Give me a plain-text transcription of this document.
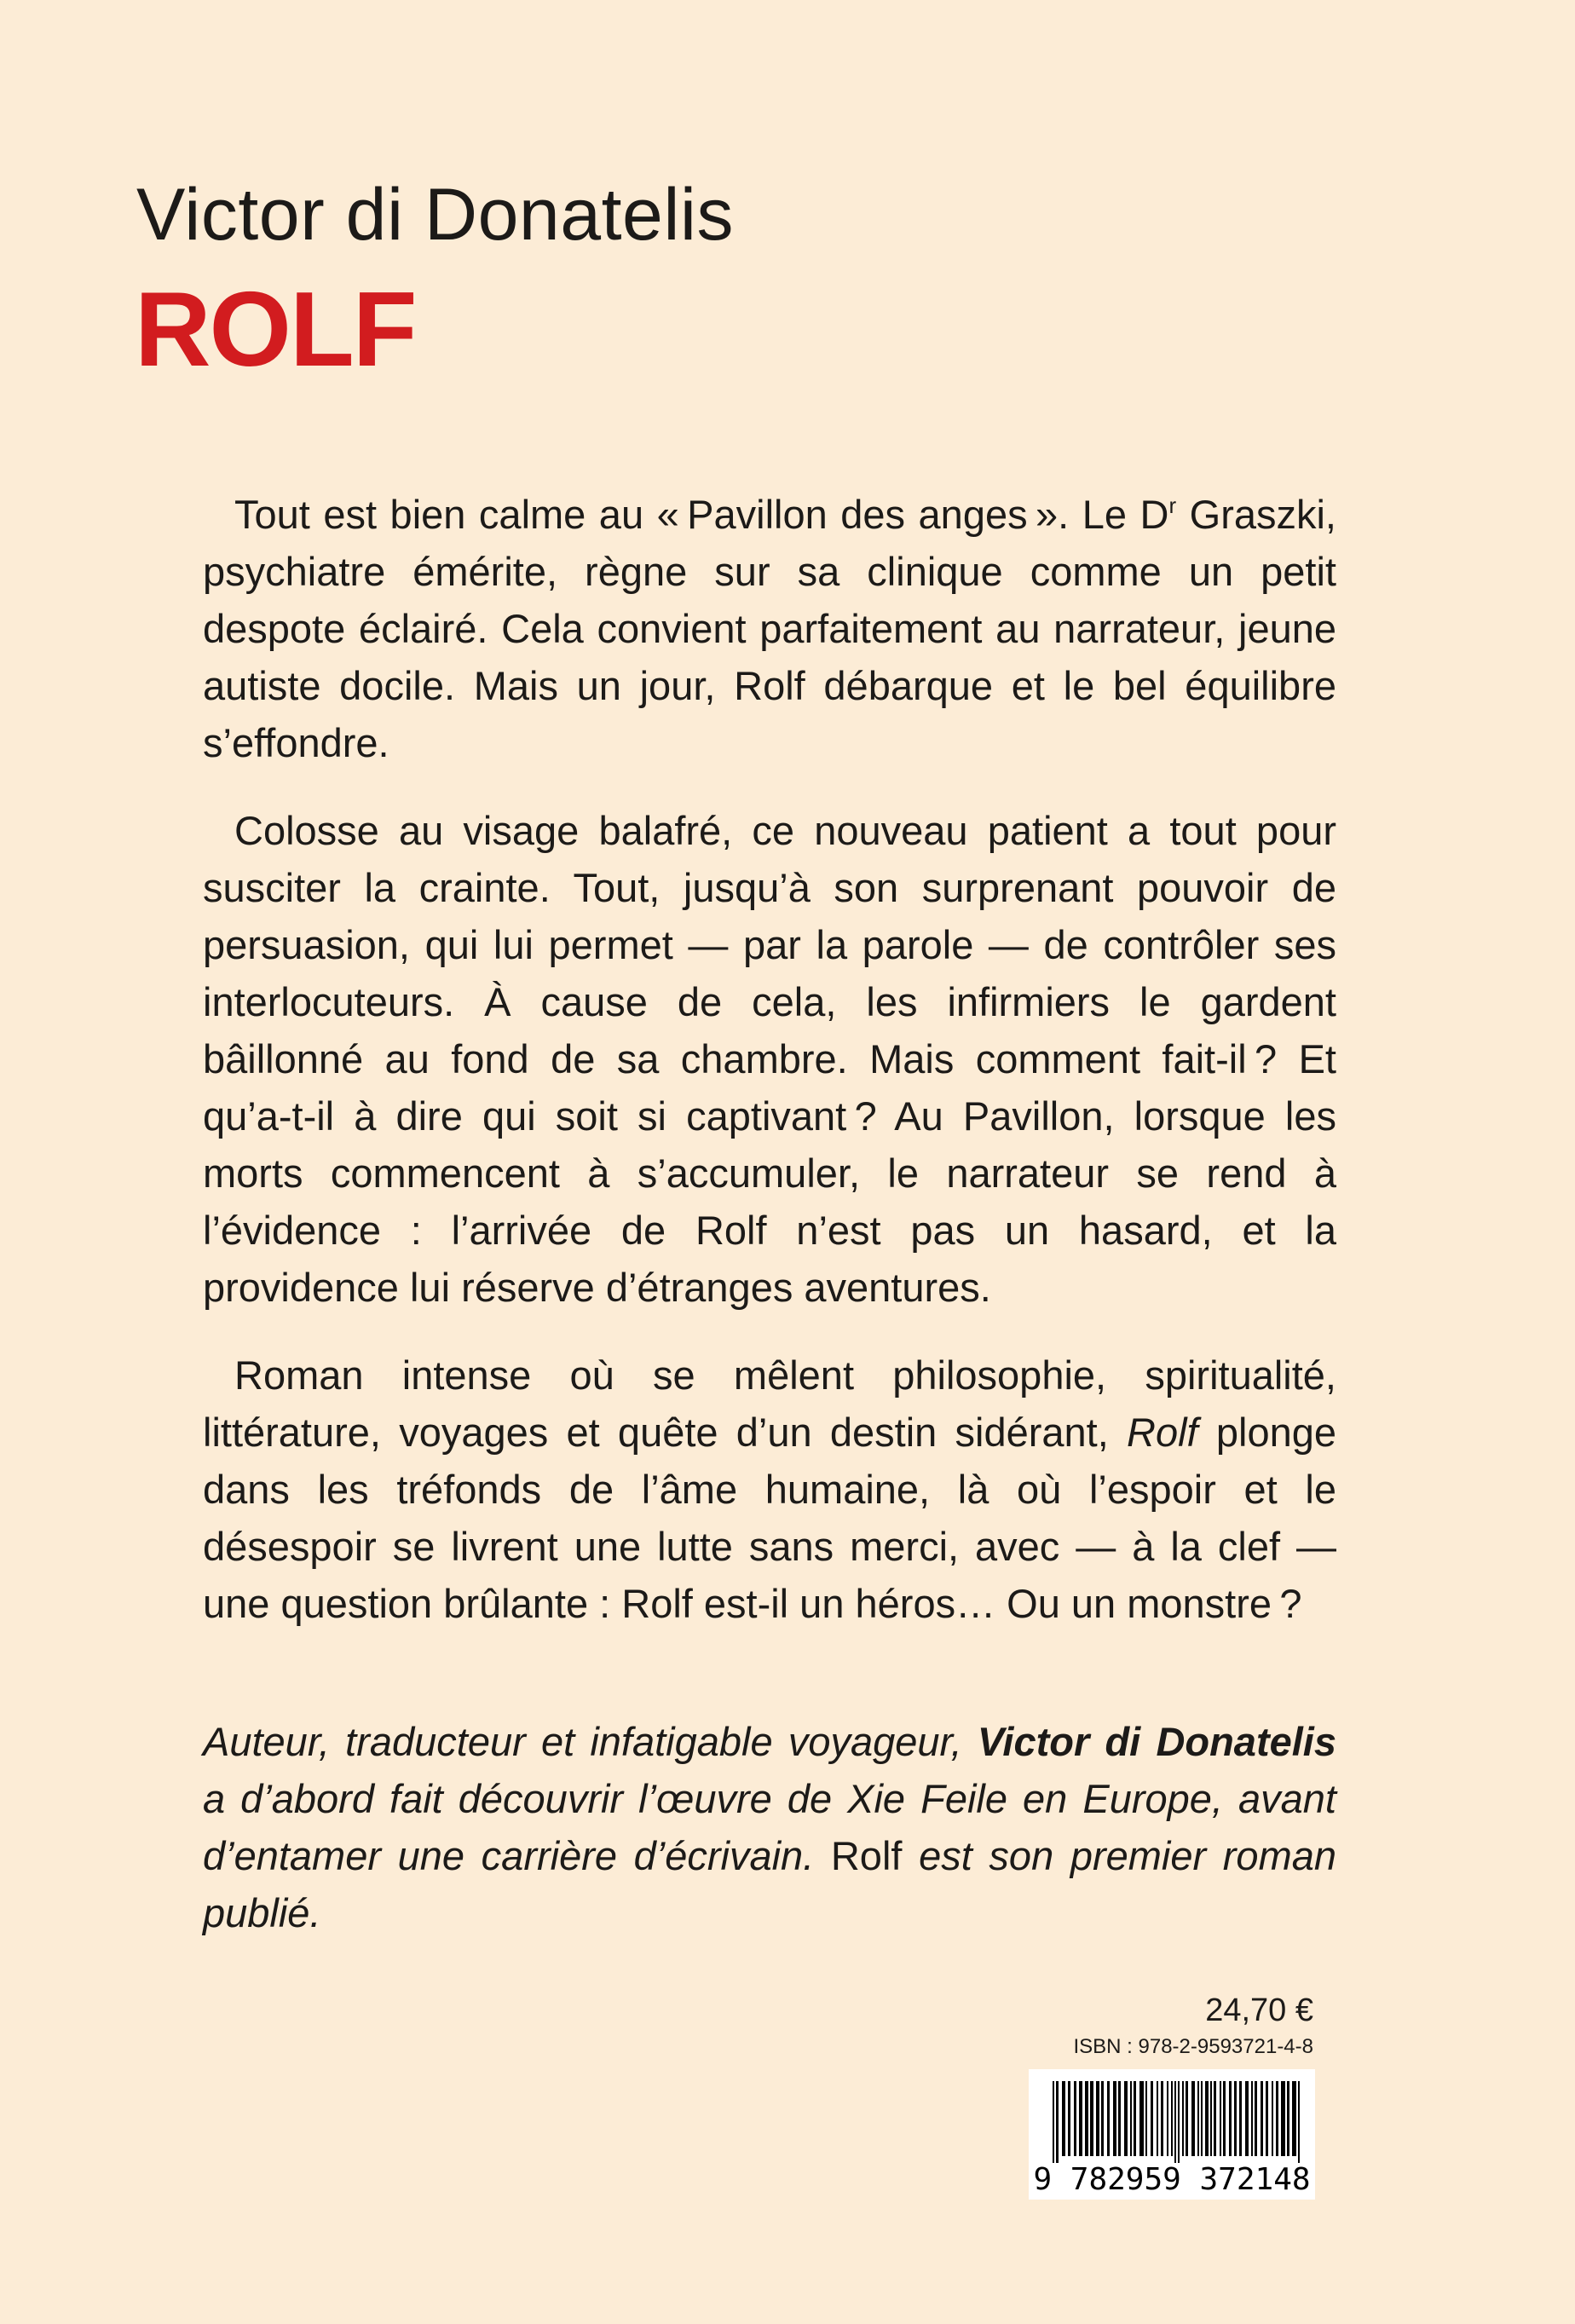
Victor di Donatelis
ROLF

Tout est bien calme au « Pavillon des anges ». Le $D^r$ Graszki, psychiatre émérite, règne sur sa clinique comme un petit despote éclairé. Cela convient parfaitement au narrateur, jeune autiste docile. Mais un jour, Rolf débarque et le bel équilibre s’effondre.

Colosse au visage balafré, ce nouveau patient a tout pour susciter la crainte. Tout, jusqu’à son surprenant pouvoir de persuasion, qui lui permet — par la parole — de contrôler ses interlocuteurs. À cause de cela, les infirmiers le gardent bâillonné au fond de sa chambre. Mais comment fait-il ? Et qu’a-t-il à dire qui soit si captivant ? Au Pavillon, lorsque les morts commencent à s’accumuler, le narrateur se rend à l’évidence : l’arrivée de Rolf n’est pas un hasard, et la providence lui réserve d’étranges aventures.

Roman intense où se mêlent philosophie, spiritualité, littérature, voyages et quête d’un destin sidérant, Rolf plonge dans les tréfonds de l’âme humaine, là où l’espoir et le désespoir se livrent une lutte sans merci, avec — à la clef — une question brûlante : Rolf est-il un héros… Ou un monstre ?

Auteur, traducteur et infatigable voyageur, Victor di Donatelis a d’abord fait découvrir l’œuvre de Xie Feile en Europe, avant d’entamer une carrière d’écrivain. Rolf est son premier roman publié.

24,70 €
ISBN : 978-2-9593721-4-8
9 782959 372148
